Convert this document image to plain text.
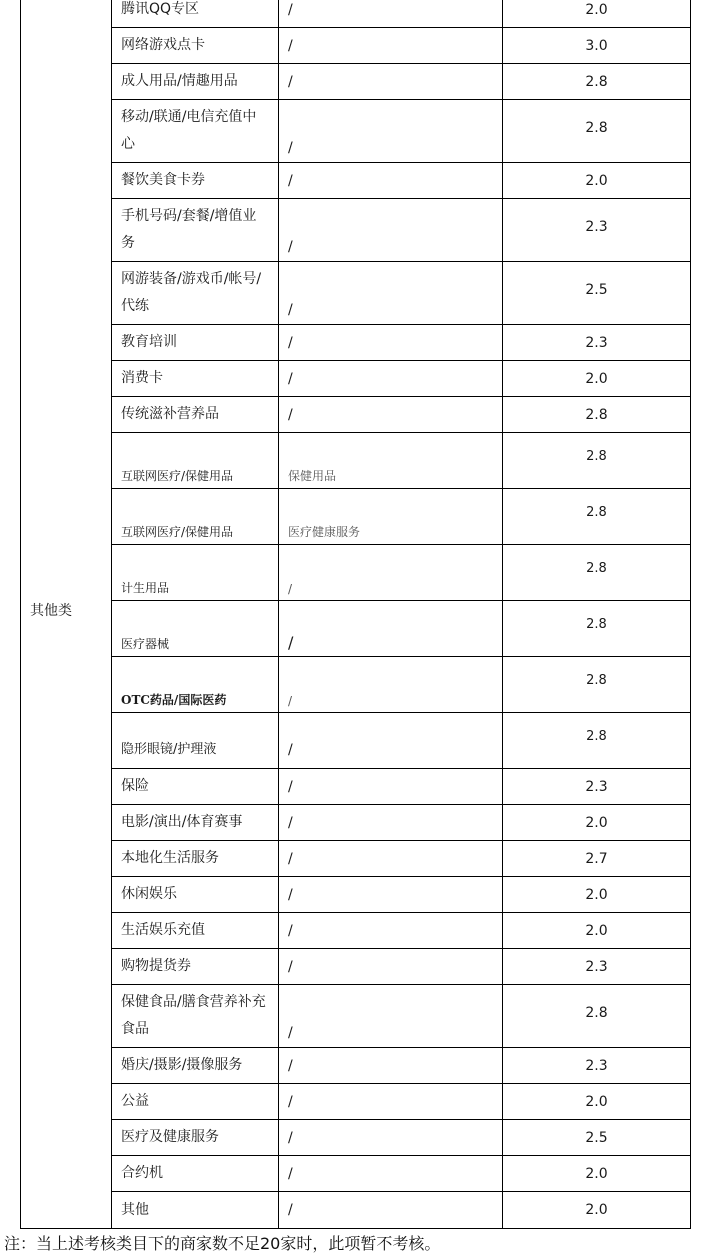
其他类	腾讯QQ专区	/	2.0
	网络游戏点卡	/	3.0
	成人用品/情趣用品	/	2.8
	移动/联通/电信充值中心	/	2.8
	餐饮美食卡券	/	2.0
	手机号码/套餐/增值业务	/	2.3
	网游装备/游戏币/帐号/代练	/	2.5
	教育培训	/	2.3
	消费卡	/	2.0
	传统滋补营养品	/	2.8
	互联网医疗/保健用品	保健用品	2.8
	互联网医疗/保健用品	医疗健康服务	2.8
	计生用品	/	2.8
	医疗器械	/	2.8
	OTC药品/国际医药	/	2.8
	隐形眼镜/护理液	/	2.8
	保险	/	2.3
	电影/演出/体育赛事	/	2.0
	本地化生活服务	/	2.7
	休闲娱乐	/	2.0
	生活娱乐充值	/	2.0
	购物提货券	/	2.3
	保健食品/膳食营养补充食品	/	2.8
	婚庆/摄影/摄像服务	/	2.3
	公益	/	2.0
	医疗及健康服务	/	2.5
	合约机	/	2.0
	其他	/	2.0
注：当上述考核类目下的商家数不足20家时，此项暂不考核。
